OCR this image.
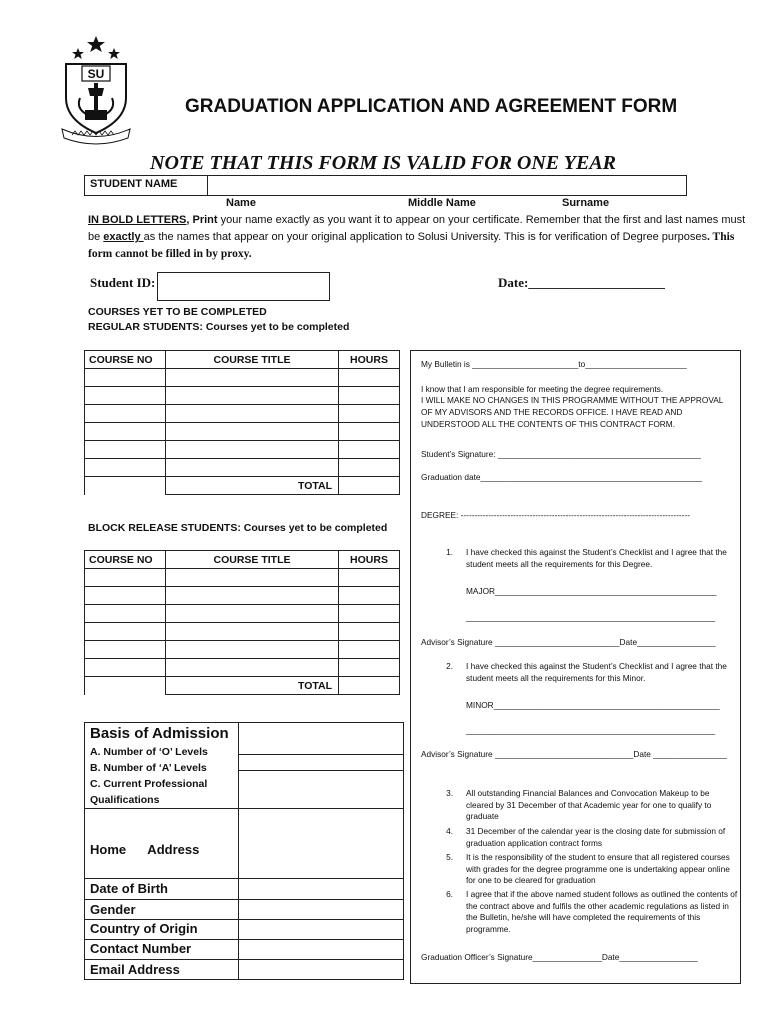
SU
GRADUATION APPLICATION AND AGREEMENT FORM
NOTE THAT THIS FORM IS VALID FOR ONE YEAR
STUDENT NAME
Name	Middle Name	Surname
IN BOLD LETTERS, Print your name exactly as you want it to appear on your certificate. Remember that the first and last names must be exactly as the names that appear on your original application to Solusi University. This is for verification of Degree purposes. This form cannot be filled in by proxy.
Student ID:	Date:_____________________
COURSES YET TO BE COMPLETED
REGULAR STUDENTS: Courses yet to be completed
COURSE NO	COURSE TITLE	HOURS

	TOTAL	
BLOCK RELEASE STUDENTS: Courses yet to be completed
COURSE NO	COURSE TITLE	HOURS

	TOTAL	
Basis of Admission
A. Number of ‘O’ Levels
B. Number of ‘A’ Levels
C. Current Professional
Qualifications
Home      Address
Date of Birth
Gender
Country of Origin
Contact Number
Email Address
My Bulletin is _______________________to______________________
I know that I am responsible for meeting the degree requirements.
I WILL MAKE NO CHANGES IN THIS PROGRAMME WITHOUT THE APPROVAL
OF MY ADVISORS AND THE RECORDS OFFICE. I HAVE READ AND
UNDERSTOOD ALL THE CONTENTS OF THIS CONTRACT FORM.
Student’s Signature: ____________________________________________
Graduation date________________________________________________
DEGREE: -----------------------------------------------------------------------------------
1. I have checked this against the Student’s Checklist and I agree that the student meets all the requirements for this Degree.
MAJOR________________________________________________
______________________________________________________
Advisor’s Signature ___________________________Date_________________
2. I have checked this against the Student’s Checklist and I agree that the student meets all the requirements for this Minor.
MINOR_________________________________________________
______________________________________________________
Advisor’s Signature ______________________________Date ________________
3. All outstanding Financial Balances and Convocation Makeup to be cleared by 31 December of that Academic year for one to qualify to graduate
4. 31 December of the calendar year is the closing date for submission of graduation application contract forms
5. It is the responsibility of the student to ensure that all registered courses with grades for the degree programme one is undertaking appear online for one to be cleared for graduation
6. I agree that if the above named student follows as outlined the contents of the contract above and fulfils the other academic regulations as listed in the Bulletin, he/she will have completed the requirements of this programme.
Graduation Officer’s Signature_______________Date_________________
